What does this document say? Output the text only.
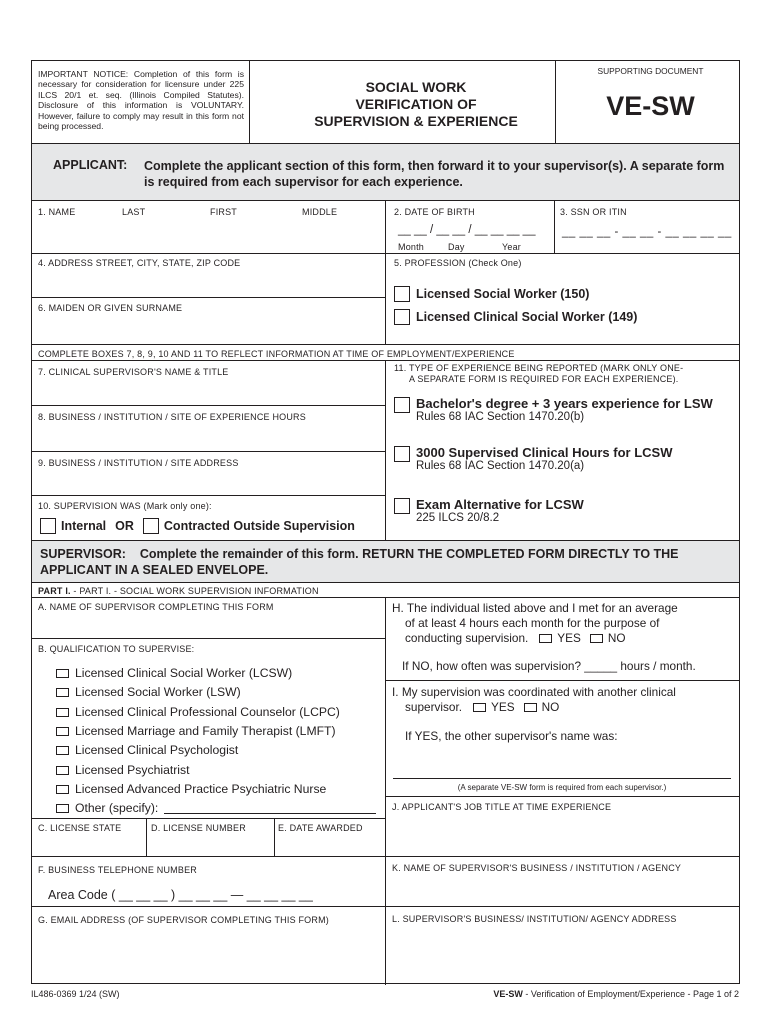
IMPORTANT NOTICE: Completion of this form is necessary for consideration for licensure under 225 ILCS 20/1 et. seq. (Illinois Compiled Statutes). Disclosure of this information is VOLUNTARY. However, failure to comply may result in this form not being processed.
SOCIAL WORK
VERIFICATION OF
SUPERVISION & EXPERIENCE
SUPPORTING DOCUMENT
VE-SW
APPLICANT: Complete the applicant section of this form, then forward it to your supervisor(s). A separate form
is required from each supervisor for each experience.
1. NAME	LAST	FIRST	MIDDLE	2. DATE OF BIRTH
__ __ / __ __ / __ __ __ __
Month	Day	Year
3. SSN OR ITIN
__ __ __ - __ __ - __ __ __ __
4. ADDRESS STREET, CITY, STATE, ZIP CODE	5. PROFESSION (Check One)
Licensed Social Worker (150)
Licensed Clinical Social Worker (149)
6. MAIDEN OR GIVEN SURNAME
COMPLETE BOXES 7, 8, 9, 10 AND 11 TO REFLECT INFORMATION AT TIME OF EMPLOYMENT/EXPERIENCE
7. CLINICAL SUPERVISOR'S NAME & TITLE	11. TYPE OF EXPERIENCE BEING REPORTED (MARK ONLY ONE-
A SEPARATE FORM IS REQUIRED FOR EACH EXPERIENCE).
8. BUSINESS / INSTITUTION / SITE OF EXPERIENCE HOURS
9. BUSINESS / INSTITUTION / SITE ADDRESS
10. SUPERVISION WAS (Mark only one):
Internal OR Contracted Outside Supervision
Bachelor's degree + 3 years experience for LSW
Rules 68 IAC Section 1470.20(b)
3000 Supervised Clinical Hours for LCSW
Rules 68 IAC Section 1470.20(a)
Exam Alternative for LCSW
225 ILCS 20/8.2
SUPERVISOR: Complete the remainder of this form. RETURN THE COMPLETED FORM DIRECTLY TO THE
APPLICANT IN A SEALED ENVELOPE.
PART I. - PART I. - SOCIAL WORK SUPERVISION INFORMATION
A. NAME OF SUPERVISOR COMPLETING THIS FORM	H. The individual listed above and I met for an average
of at least 4 hours each month for the purpose of
conducting supervision. YES NO
If NO, how often was supervision? _____ hours / month.
B. QUALIFICATION TO SUPERVISE:
Licensed Clinical Social Worker (LCSW)
Licensed Social Worker (LSW)
Licensed Clinical Professional Counselor (LCPC)
Licensed Marriage and Family Therapist (LMFT)
Licensed Clinical Psychologist
Licensed Psychiatrist
Licensed Advanced Practice Psychiatric Nurse
Other (specify):
I. My supervision was coordinated with another clinical
supervisor. YES NO
If YES, the other supervisor's name was:
(A separate VE-SW form is required from each supervisor.)
J. APPLICANT'S JOB TITLE AT TIME EXPERIENCE
C. LICENSE STATE	D. LICENSE NUMBER	E. DATE AWARDED
F. BUSINESS TELEPHONE NUMBER
Area Code ( __ __ __ ) __ __ __ — __ __ __ __
K. NAME OF SUPERVISOR'S BUSINESS / INSTITUTION / AGENCY
G. EMAIL ADDRESS (OF SUPERVISOR COMPLETING THIS FORM)	L. SUPERVISOR'S BUSINESS/ INSTITUTION/ AGENCY ADDRESS
IL486-0369 1/24 (SW)	VE-SW - Verification of Employment/Experience - Page 1 of 2
